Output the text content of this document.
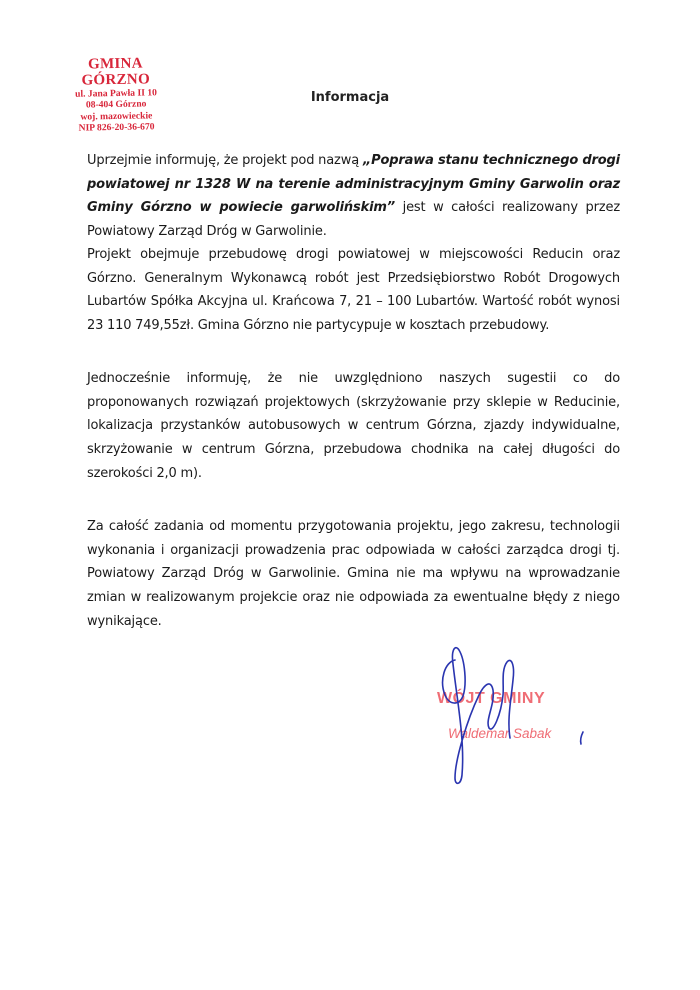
GMINA GÓRZNO
ul. Jana Pawła II 10
08-404 Górzno
woj. mazowieckie
NIP 826-20-36-670
Informacja
Uprzejmie informuję, że projekt pod nazwą „Poprawa stanu technicznego drogi powiatowej nr 1328 W na terenie administracyjnym Gminy Garwolin oraz Gminy Górzno w powiecie garwolińskim” jest w całości realizowany przez Powiatowy Zarząd Dróg w Garwolinie.
Projekt obejmuje przebudowę drogi powiatowej w miejscowości Reducin oraz Górzno. Generalnym Wykonawcą robót jest Przedsiębiorstwo Robót Drogowych Lubartów Spółka Akcyjna ul. Krańcowa 7, 21 – 100 Lubartów. Wartość robót wynosi 23 110 749,55zł. Gmina Górzno nie partycypuje w kosztach przebudowy.
Jednocześnie informuję, że nie uwzględniono naszych sugestii co do proponowanych rozwiązań projektowych (skrzyżowanie przy sklepie w Reducinie, lokalizacja przystanków autobusowych w centrum Górzna, zjazdy indywidualne, skrzyżowanie w centrum Górzna, przebudowa chodnika na całej długości do szerokości 2,0 m).
Za całość zadania od momentu przygotowania projektu, jego zakresu, technologii wykonania i organizacji prowadzenia prac odpowiada w całości zarządca drogi tj. Powiatowy Zarząd Dróg w Garwolinie. Gmina nie ma wpływu na wprowadzanie zmian w realizowanym projekcie oraz nie odpowiada za ewentualne błędy z niego wynikające.
WÓJT GMINY
Waldemar Sabak
